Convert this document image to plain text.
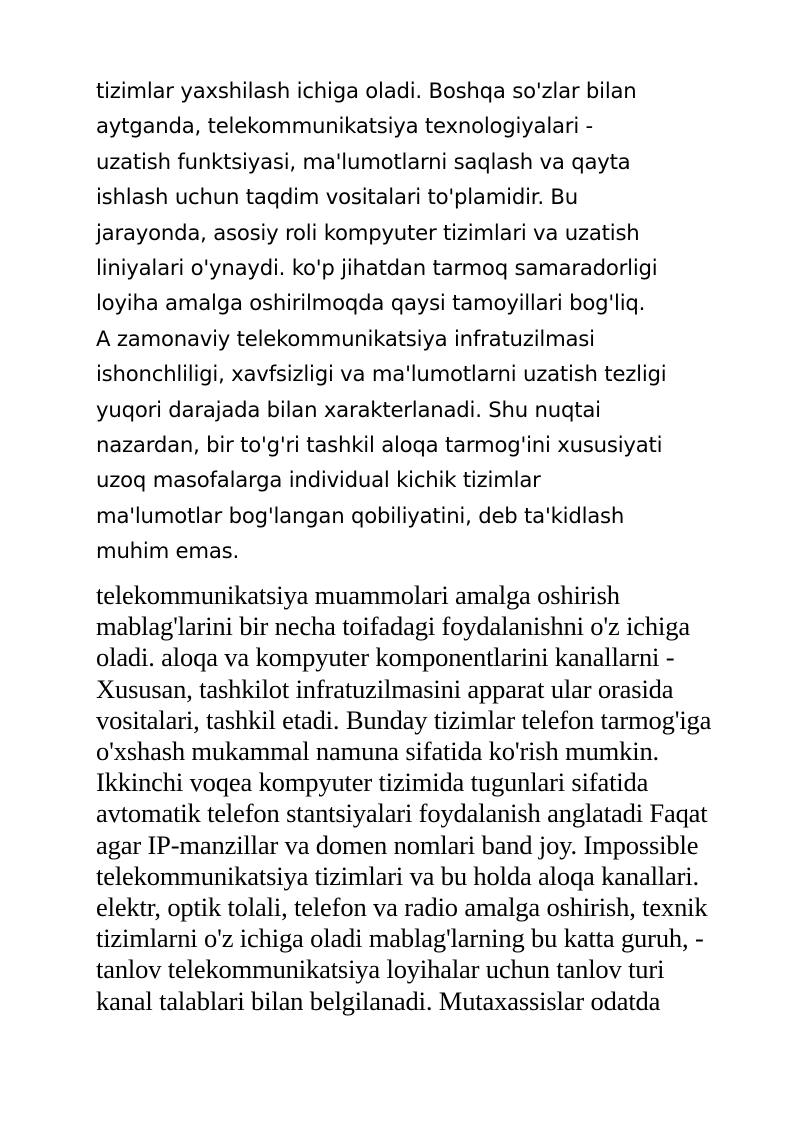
tizimlar yaxshilash ichiga oladi. Boshqa so'zlar bilan
aytganda, telekommunikatsiya texnologiyalari -
uzatish funktsiyasi, ma'lumotlarni saqlash va qayta
ishlash uchun taqdim vositalari to'plamidir. Bu
jarayonda, asosiy roli kompyuter tizimlari va uzatish
liniyalari o'ynaydi. ko'p jihatdan tarmoq samaradorligi
loyiha amalga oshirilmoqda qaysi tamoyillari bog'liq.
A zamonaviy telekommunikatsiya infratuzilmasi
ishonchliligi, xavfsizligi va ma'lumotlarni uzatish tezligi
yuqori darajada bilan xarakterlanadi. Shu nuqtai
nazardan, bir to'g'ri tashkil aloqa tarmog'ini xususiyati
uzoq masofalarga individual kichik tizimlar
ma'lumotlar bog'langan qobiliyatini, deb ta'kidlash
muhim emas.
telekommunikatsiya muammolari amalga oshirish
mablag'larini bir necha toifadagi foydalanishni o'z ichiga
oladi. aloqa va kompyuter komponentlarini kanallarni -
Xususan, tashkilot infratuzilmasini apparat ular orasida
vositalari, tashkil etadi. Bunday tizimlar telefon tarmog'iga
o'xshash mukammal namuna sifatida ko'rish mumkin.
Ikkinchi voqea kompyuter tizimida tugunlari sifatida
avtomatik telefon stantsiyalari foydalanish anglatadi Faqat
agar IP-manzillar va domen nomlari band joy. Impossible
telekommunikatsiya tizimlari va bu holda aloqa kanallari.
elektr, optik tolali, telefon va radio amalga oshirish, texnik
tizimlarni o'z ichiga oladi mablag'larning bu katta guruh, -
tanlov telekommunikatsiya loyihalar uchun tanlov turi
kanal talablari bilan belgilanadi. Mutaxassislar odatda
